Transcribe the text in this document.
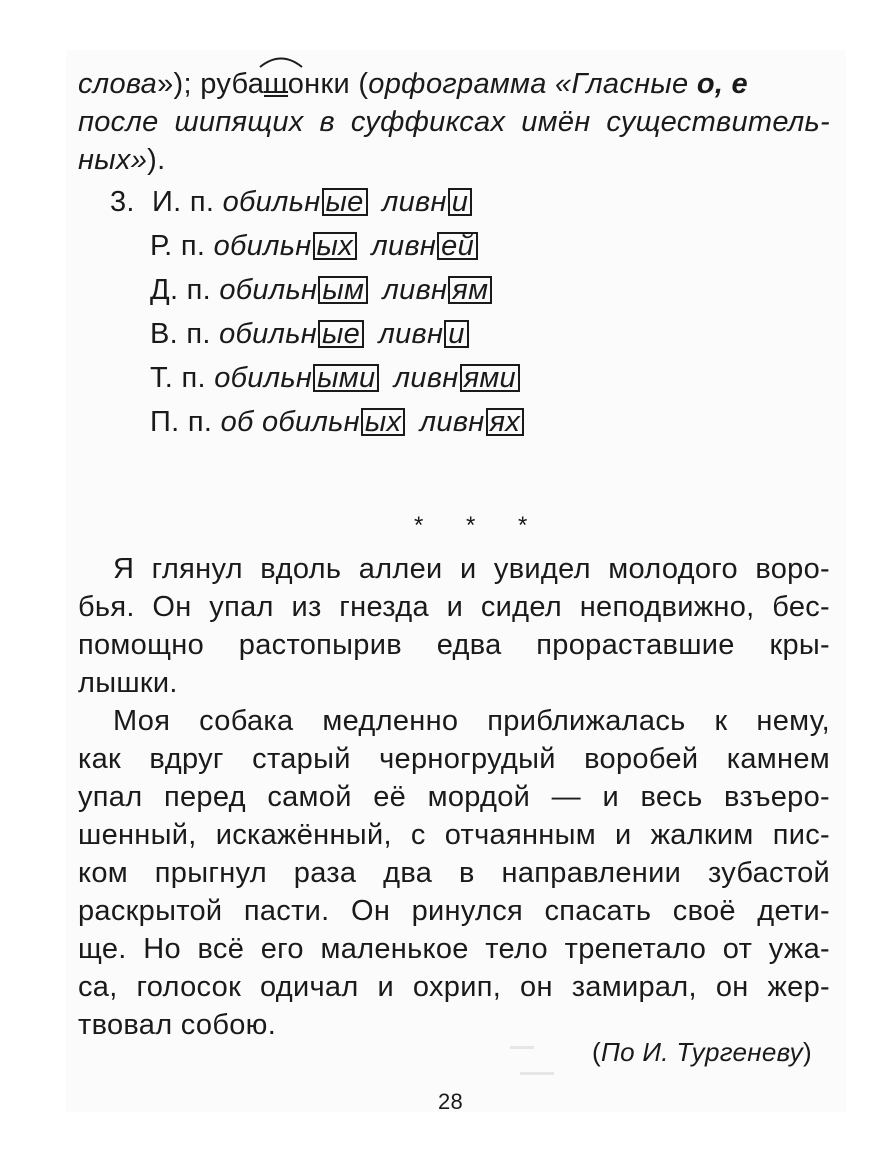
слова»); руба
шо
нки (орфограмма «Гласные о, е
после шипящих в суффиксах имён существитель-
ных»).
3. И. п. обильн ые ливн и
Р. п. обильн ых ливн ей
Д. п. обильн ым ливн ям
В. п. обильн ые ливн и
Т. п. обильн ыми ливн ями
П. п. об обильн ых ливн ях
* * *
Я глянул вдоль аллеи и увидел молодого воро-
бья. Он упал из гнезда и сидел неподвижно, бес-
помощно растопырив едва прораставшие кры-
лышки.
Моя собака медленно приближалась к нему,
как вдруг старый черногрудый воробей камнем
упал перед самой её мордой — и весь взъеро-
шенный, искажённый, с отчаянным и жалким пис-
ком прыгнул раза два в направлении зубастой
раскрытой пасти. Он ринулся спасать своё дети-
ще. Но всё его маленькое тело трепетало от ужа-
са, голосок одичал и охрип, он замирал, он жер-
твовал собою.
(По И. Тургеневу)
28
